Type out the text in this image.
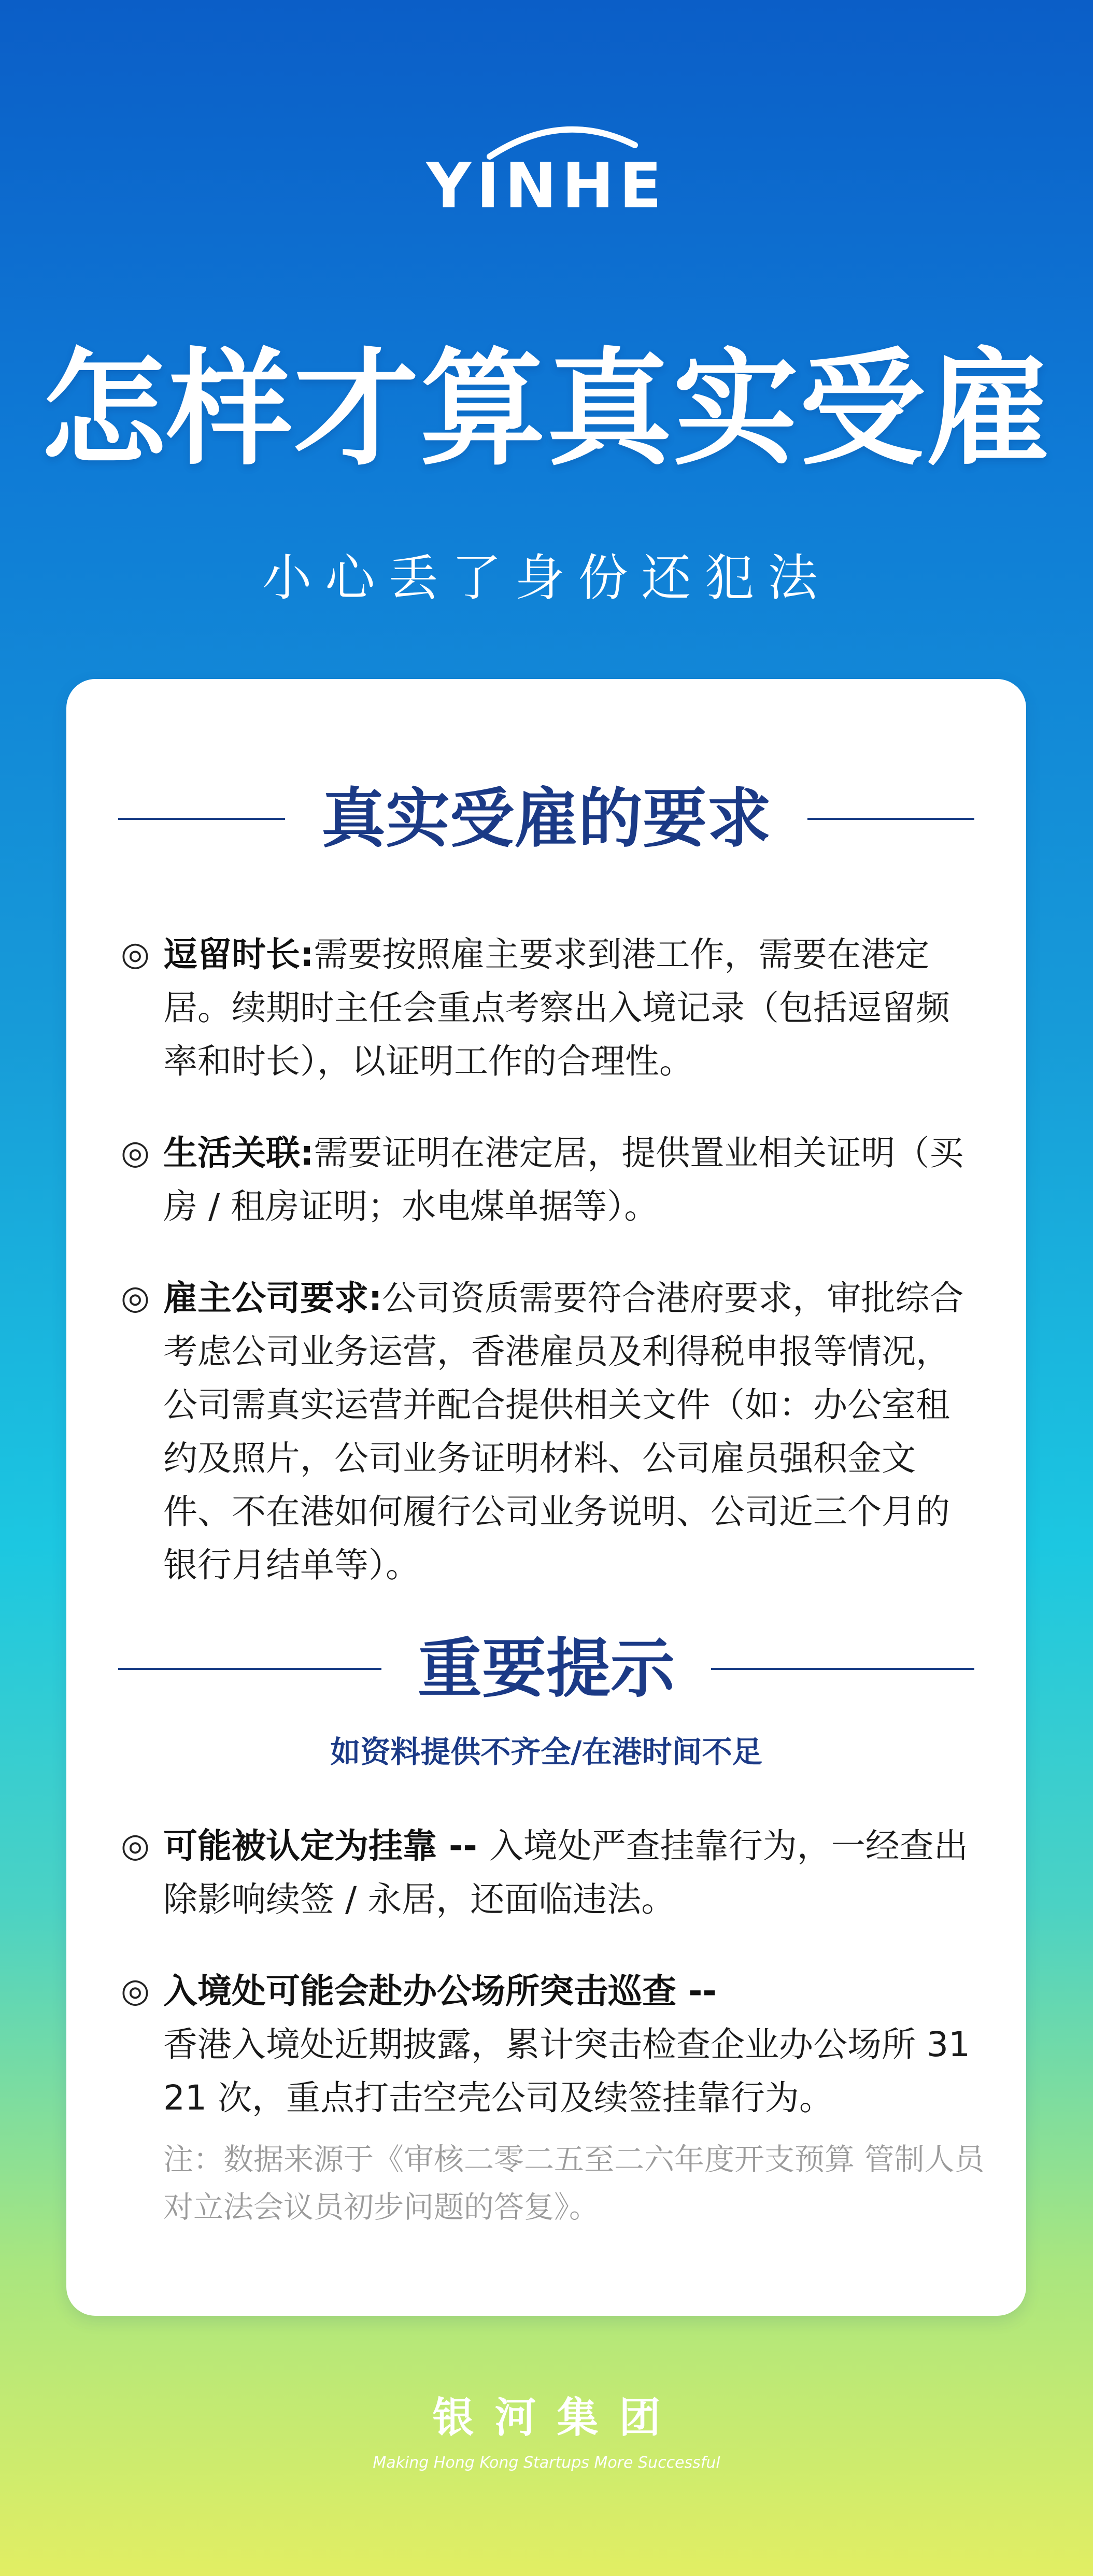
YINHE
怎样才算真实受雇
小心丢了身份还犯法
真实受雇的要求
◎ 逗留时长:需要按照雇主要求到港工作，需要在港定居。续期时主任会重点考察出入境记录（包括逗留频率和时长），以证明工作的合理性。
◎ 生活关联:需要证明在港定居，提供置业相关证明（买房 / 租房证明；水电煤单据等）。
◎ 雇主公司要求:公司资质需要符合港府要求，审批综合考虑公司业务运营，香港雇员及利得税申报等情况，公司需真实运营并配合提供相关文件（如：办公室租约及照片，公司业务证明材料、公司雇员强积金文件、不在港如何履行公司业务说明、公司近三个月的银行月结单等）。
重要提示
如资料提供不齐全/在港时间不足
◎ 可能被认定为挂靠 -- 入境处严查挂靠行为，一经查出除影响续签 / 永居，还面临违法。
◎ 入境处可能会赴办公场所突击巡查 --
香港入境处近期披露，累计突击检查企业办公场所 3121 次，重点打击空壳公司及续签挂靠行为。
注：数据来源于《审核二零二五至二六年度开支预算 管制人员对立法会议员初步问题的答复》。
银河集团
Making Hong Kong Startups More Successful
